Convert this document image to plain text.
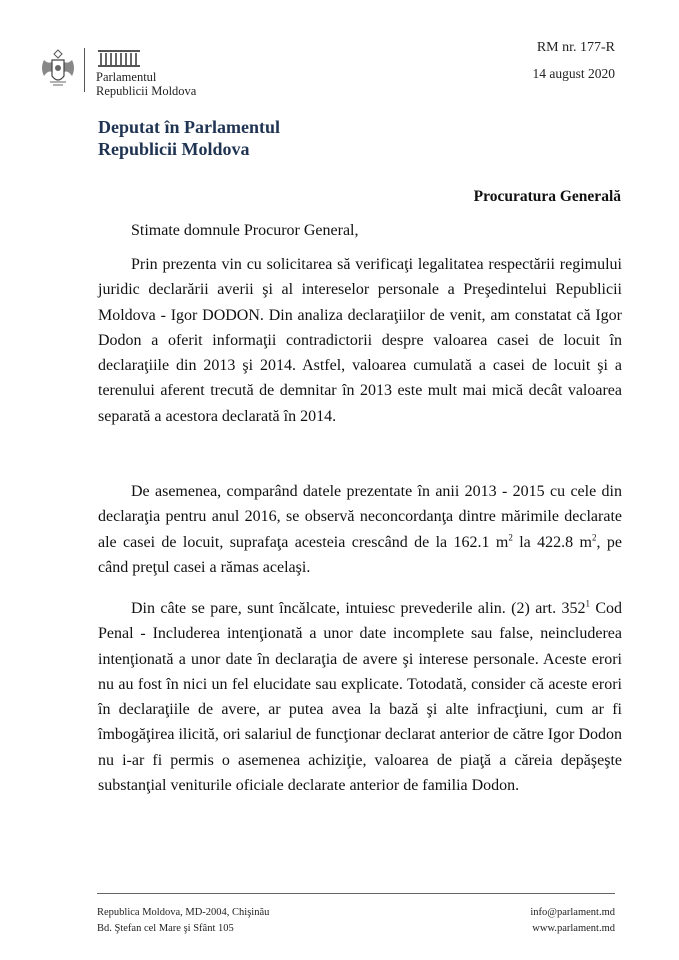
Parlamentul
Republicii Moldova
RM nr. 177-R
14 august 2020
Deputat în Parlamentul
Republicii Moldova
Procuratura Generală
Stimate domnule Procuror General,

Prin prezenta vin cu solicitarea să verificaţi legalitatea respectării regimului juridic declarării averii şi al intereselor personale a Preşedintelui Republicii Moldova - Igor DODON. Din analiza declaraţiilor de venit, am constatat că Igor Dodon a oferit informaţii contradictorii despre valoarea casei de locuit în declaraţiile din 2013 şi 2014. Astfel, valoarea cumulată a casei de locuit şi a terenului aferent trecută de demnitar în 2013 este mult mai mică decât valoarea separată a acestora declarată în 2014.

De asemenea, comparând datele prezentate în anii 2013 - 2015 cu cele din declaraţia pentru anul 2016, se observă neconcordanţa dintre mărimile declarate ale casei de locuit, suprafaţa acesteia crescând de la 162.1 $m^2$ la 422.8 $m^2$, pe când preţul casei a rămas acelaşi.

Din câte se pare, sunt încălcate, intuiesc prevederile alin. (2) art. $352^1$ Cod Penal - Includerea intenţionată a unor date incomplete sau false, neincluderea intenţionată a unor date în declaraţia de avere şi interese personale. Aceste erori nu au fost în nici un fel elucidate sau explicate. Totodată, consider că aceste erori în declaraţiile de avere, ar putea avea la bază şi alte infracţiuni, cum ar fi îmbogăţirea ilicită, ori salariul de funcţionar declarat anterior de către Igor Dodon nu i-ar fi permis o asemenea achiziţie, valoarea de piaţă a căreia depăşeşte substanţial veniturile oficiale declarate anterior de familia Dodon.

Republica Moldova, MD-2004, Chişinău
Bd. Ştefan cel Mare şi Sfânt 105
info@parlament.md
www.parlament.md
